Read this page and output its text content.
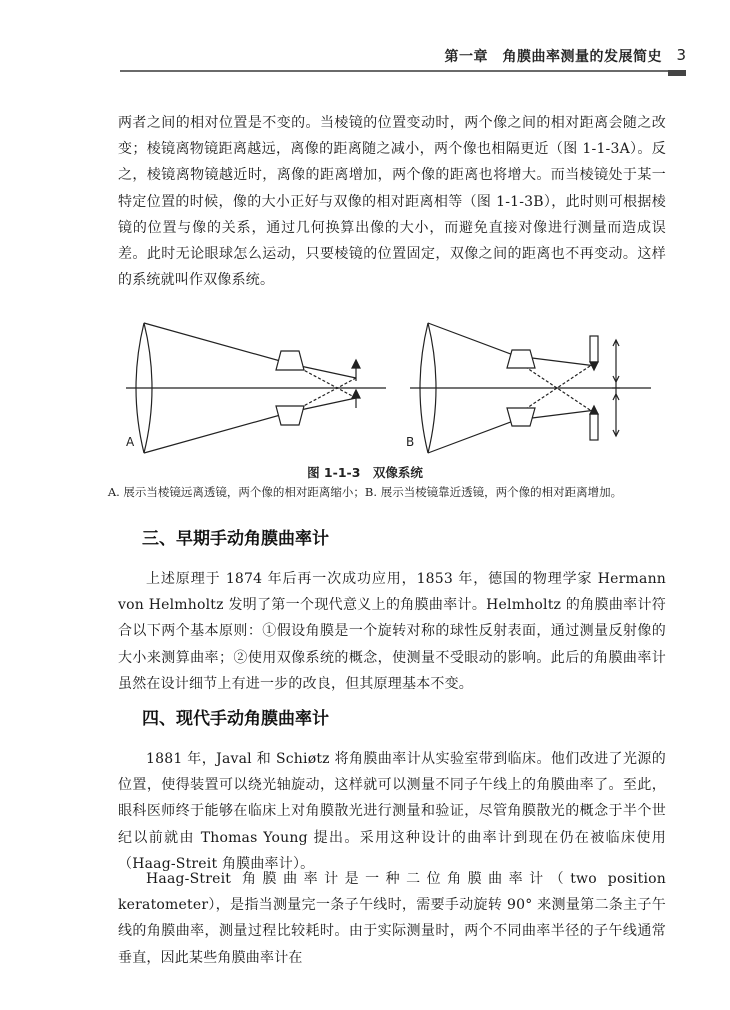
第一章　角膜曲率测量的发展简史 3

两者之间的相对位置是不变的。当棱镜的位置变动时，两个像之间的相对距离会随之改变；棱镜离物镜距离越远，离像的距离随之减小，两个像也相隔更近（图 1-1-3A）。反之，棱镜离物镜越近时，离像的距离增加，两个像的距离也将增大。而当棱镜处于某一特定位置的时候，像的大小正好与双像的相对距离相等（图 1-1-3B），此时则可根据棱镜的位置与像的关系，通过几何换算出像的大小，而避免直接对像进行测量而造成误差。此时无论眼球怎么运动，只要棱镜的位置固定，双像之间的距离也不再变动。这样的系统就叫作双像系统。

A	B
图 1-1-3　双像系统
A. 展示当棱镜远离透镜，两个像的相对距离缩小；B. 展示当棱镜靠近透镜，两个像的相对距离增加。
三、早期手动角膜曲率计

上述原理于 1874 年后再一次成功应用，1853 年，德国的物理学家 Hermann von Helmholtz 发明了第一个现代意义上的角膜曲率计。Helmholtz 的角膜曲率计符合以下两个基本原则：①假设角膜是一个旋转对称的球性反射表面，通过测量反射像的大小来测算曲率；②使用双像系统的概念，使测量不受眼动的影响。此后的角膜曲率计虽然在设计细节上有进一步的改良，但其原理基本不变。

四、现代手动角膜曲率计

1881 年，Javal 和 Schiøtz 将角膜曲率计从实验室带到临床。他们改进了光源的位置，使得装置可以绕光轴旋动，这样就可以测量不同子午线上的角膜曲率了。至此，眼科医师终于能够在临床上对角膜散光进行测量和验证，尽管角膜散光的概念于半个世纪以前就由 Thomas Young 提出。采用这种设计的曲率计到现在仍在被临床使用（Haag-Streit 角膜曲率计）。

Haag-Streit 角膜曲率计是一种二位角膜曲率计（two position keratometer），是指当测量完一条子午线时，需要手动旋转 90° 来测量第二条主子午线的角膜曲率，测量过程比较耗时。由于实际测量时，两个不同曲率半径的子午线通常垂直，因此某些角膜曲率计在
